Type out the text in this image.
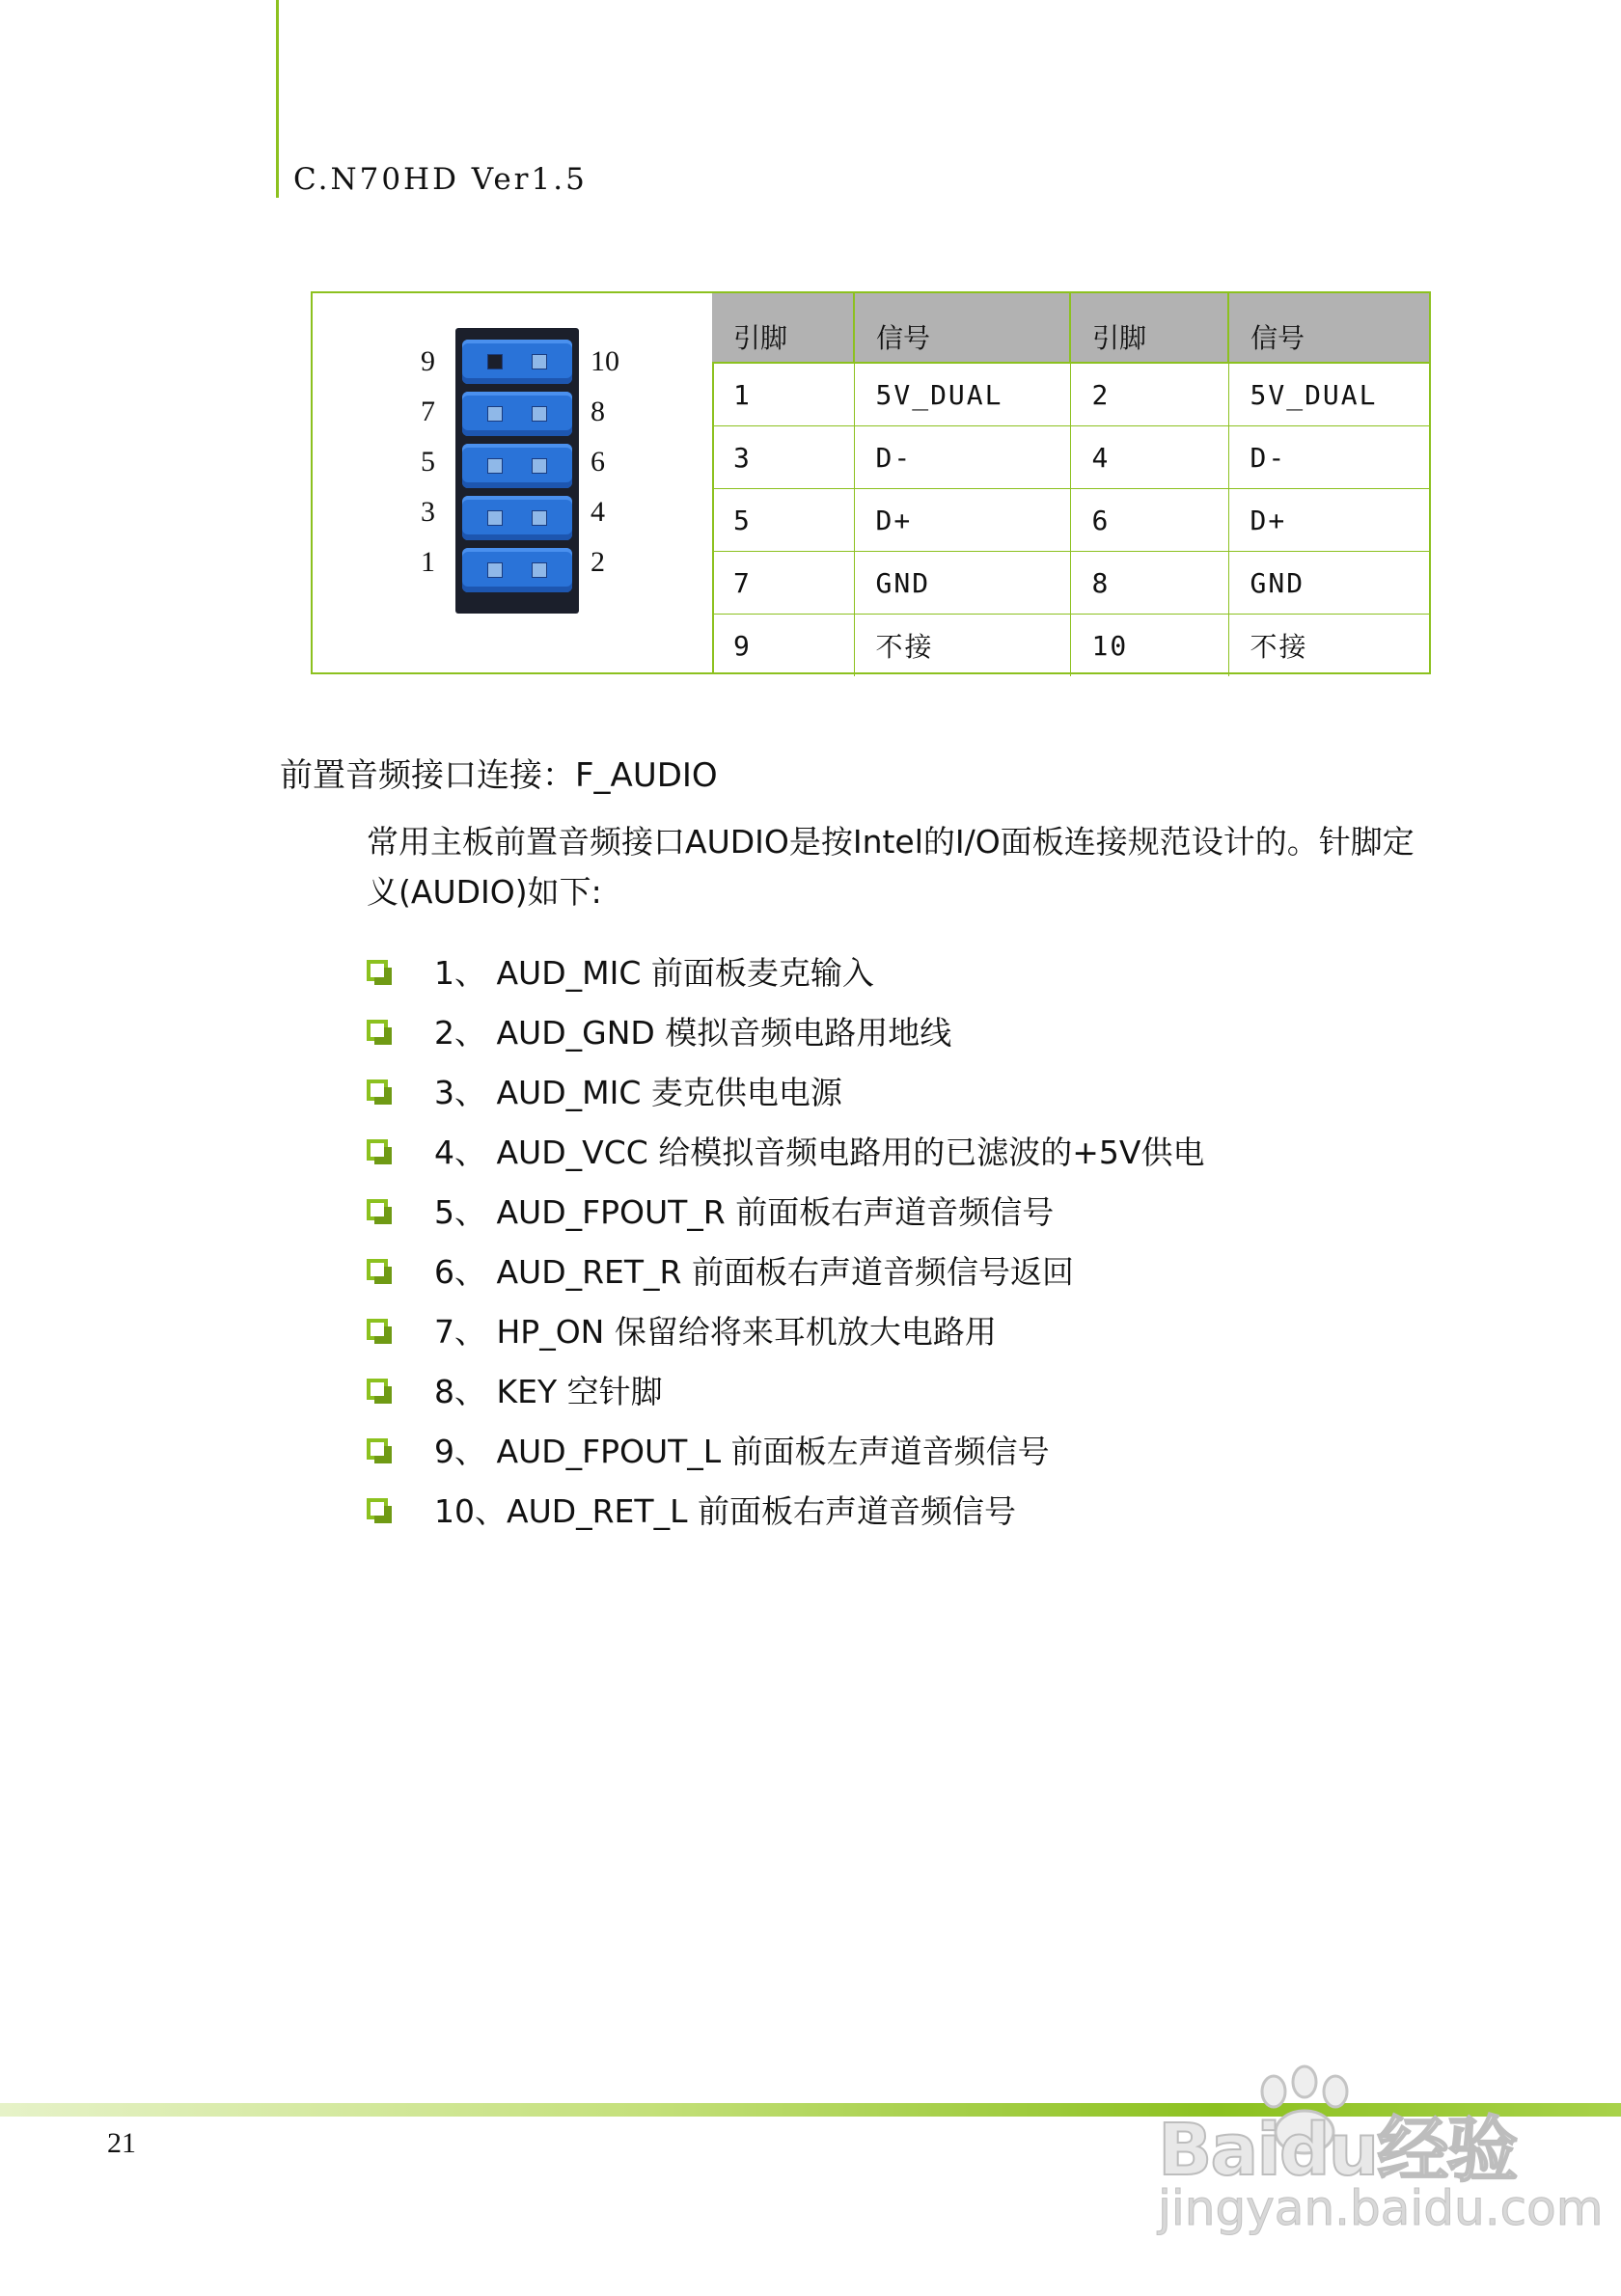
C.N70HD Ver1.5
9
7
5
3
1
10
8
6
4
2
引脚	信号	引脚	信号
1	5V_DUAL	2	5V_DUAL
3	D-	4	D-
5	D+	6	D+
7	GND	8	GND
9	不接	10	不接
前置音频接口连接：F_AUDIO
常用主板前置音频接口AUDIO是按Intel的I/O面板连接规范设计的。针脚定义(AUDIO)如下:
1、 AUD_MIC 前面板麦克输入
2、 AUD_GND 模拟音频电路用地线
3、 AUD_MIC 麦克供电电源
4、 AUD_VCC 给模拟音频电路用的已滤波的+5V供电
5、 AUD_FPOUT_R 前面板右声道音频信号
6、 AUD_RET_R 前面板右声道音频信号返回
7、 HP_ON 保留给将来耳机放大电路用
8、 KEY 空针脚
9、 AUD_FPOUT_L 前面板左声道音频信号
10、AUD_RET_L 前面板右声道音频信号
21	Baidu经验
jingyan.baidu.com
